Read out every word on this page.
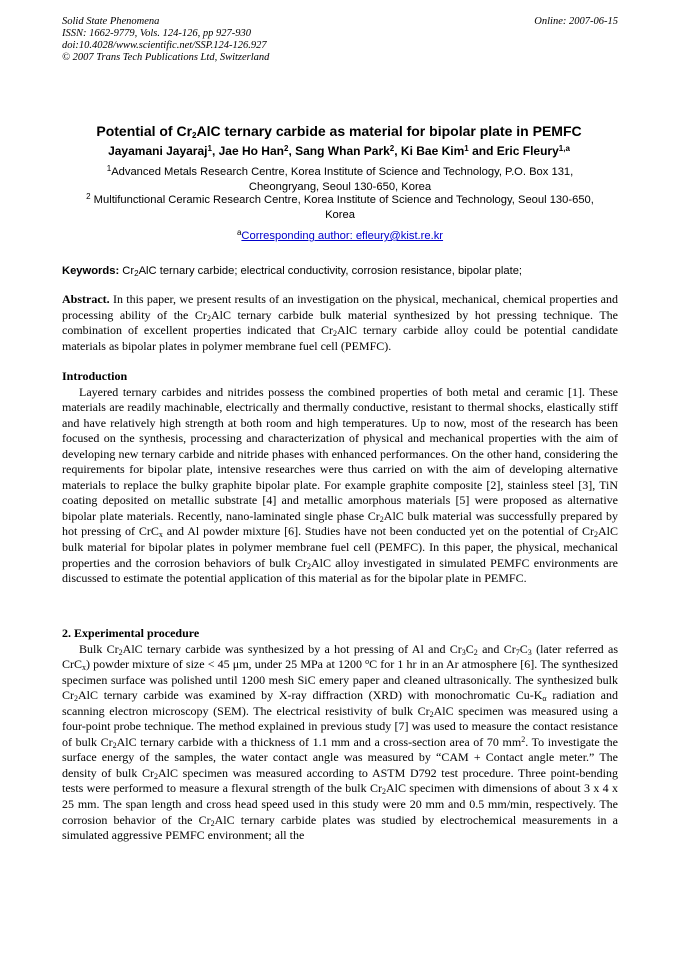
Solid State Phenomena
ISSN: 1662-9779, Vols. 124-126, pp 927-930
doi:10.4028/www.scientific.net/SSP.124-126.927
© 2007 Trans Tech Publications Ltd, Switzerland
Online: 2007-06-15
Potential of $Cr_2AlC$ ternary carbide as material for bipolar plate in PEMFC
Jayamani Jayaraj$^1$, Jae Ho Han$^2$, Sang Whan Park$^2$, Ki Bae Kim$^1$ and Eric Fleury$^{1,a}$
$^1$Advanced Metals Research Centre, Korea Institute of Science and Technology, P.O. Box 131,
Cheongryang, Seoul 130-650, Korea
$^2$ Multifunctional Ceramic Research Centre, Korea Institute of Science and Technology, Seoul 130-650,
Korea
$^a$Corresponding author: efleury@kist.re.kr
Keywords: $Cr_2AlC$ ternary carbide; electrical conductivity, corrosion resistance, bipolar plate;

Abstract. In this paper, we present results of an investigation on the physical, mechanical, chemical properties and processing ability of the $Cr_2AlC$ ternary carbide bulk material synthesized by hot pressing technique. The combination of excellent properties indicated that $Cr_2AlC$ ternary carbide alloy could be potential candidate materials as bipolar plates in polymer membrane fuel cell (PEMFC).

Introduction

Layered ternary carbides and nitrides possess the combined properties of both metal and ceramic [1]. These materials are readily machinable, electrically and thermally conductive, resistant to thermal shocks, elastically stiff and have relatively high strength at both room and high temperatures. Up to now, most of the research has been focused on the synthesis, processing and characterization of physical and mechanical properties with the aim of developing new ternary carbide and nitride phases with enhanced performances. On the other hand, considering the requirements for bipolar plate, intensive researches were thus carried on with the aim of developing alternative materials to replace the bulky graphite bipolar plate. For example graphite composite [2], stainless steel [3], TiN coating deposited on metallic substrate [4] and metallic amorphous materials [5] were proposed as alternative bipolar plate materials. Recently, nano-laminated single phase $Cr_2AlC$ bulk material was successfully prepared by hot pressing of CrC$_x$ and Al powder mixture [6]. Studies have not been conducted yet on the potential of $Cr_2AlC$ bulk material for bipolar plates in polymer membrane fuel cell (PEMFC). In this paper, the physical, mechanical properties and the corrosion behaviors of bulk $Cr_2AlC$ alloy investigated in simulated PEMFC environments are discussed to estimate the potential application of this material as for the bipolar plate in PEMFC.

2. Experimental procedure

Bulk $Cr_2AlC$ ternary carbide was synthesized by a hot pressing of Al and $Cr_3C_2$ and $Cr_7C_3$ (later referred as CrC$_x$) powder mixture of size < 45 μm, under 25 MPa at 1200 $^o$C for 1 hr in an Ar atmosphere [6]. The synthesized specimen surface was polished until 1200 mesh SiC emery paper and cleaned ultrasonically. The synthesized bulk $Cr_2AlC$ ternary carbide was examined by X-ray diffraction (XRD) with monochromatic $Cu-K_\alpha$ radiation and scanning electron microscopy (SEM). The electrical resistivity of bulk $Cr_2AlC$ specimen was measured using a four-point probe technique. The method explained in previous study [7] was used to measure the contact resistance of bulk $Cr_2AlC$ ternary carbide with a thickness of 1.1 mm and a cross-section area of 70 $mm^2$. To investigate the surface energy of the samples, the water contact angle was measured by “CAM + Contact angle meter.” The density of bulk $Cr_2AlC$ specimen was measured according to ASTM D792 test procedure. Three point-bending tests were performed to measure a flexural strength of the bulk $Cr_2AlC$ specimen with dimensions of about 3 x 4 x 25 mm. The span length and cross head speed used in this study were 20 mm and 0.5 mm/min, respectively. The corrosion behavior of the $Cr_2AlC$ ternary carbide plates was studied by electrochemical measurements in a simulated aggressive PEMFC environment; all the
